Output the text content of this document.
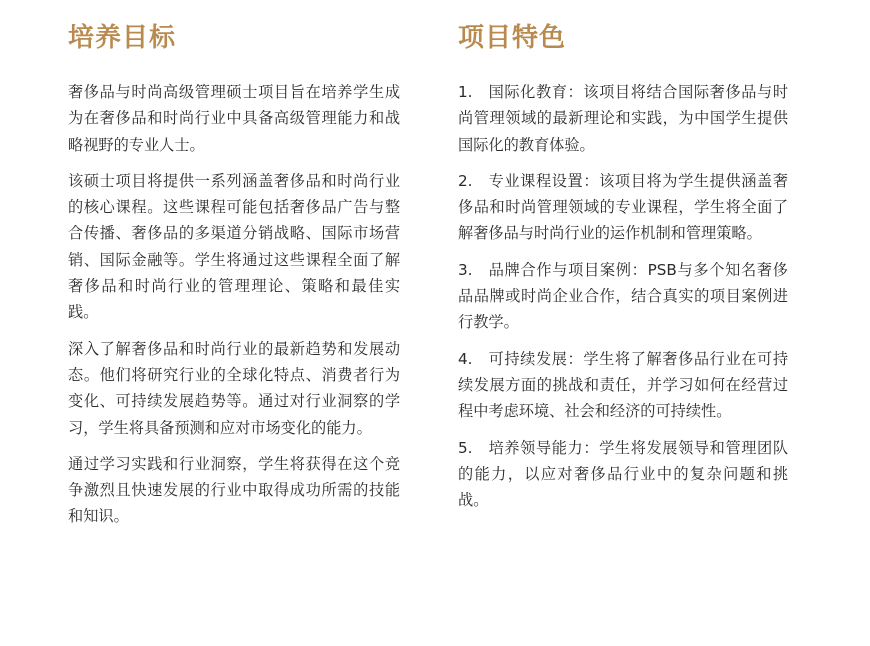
培养目标

奢侈品与时尚高级管理硕士项目旨在培养学生成为在奢侈品和时尚行业中具备高级管理能力和战略视野的专业人士。

该硕士项目将提供一系列涵盖奢侈品和时尚行业的核心课程。这些课程可能包括奢侈品广告与整合传播、奢侈品的多渠道分销战略、国际市场营销、国际金融等。学生将通过这些课程全面了解奢侈品和时尚行业的管理理论、策略和最佳实践。

深入了解奢侈品和时尚行业的最新趋势和发展动态。他们将研究行业的全球化特点、消费者行为变化、可持续发展趋势等。通过对行业洞察的学习，学生将具备预测和应对市场变化的能力。

通过学习实践和行业洞察，学生将获得在这个竞争激烈且快速发展的行业中取得成功所需的技能和知识。

项目特色

1. 国际化教育：该项目将结合国际奢侈品与时尚管理领域的最新理论和实践，为中国学生提供国际化的教育体验。

2. 专业课程设置：该项目将为学生提供涵盖奢侈品和时尚管理领域的专业课程，学生将全面了解奢侈品与时尚行业的运作机制和管理策略。

3. 品牌合作与项目案例：PSB与多个知名奢侈品品牌或时尚企业合作，结合真实的项目案例进行教学。

4. 可持续发展：学生将了解奢侈品行业在可持续发展方面的挑战和责任，并学习如何在经营过程中考虑环境、社会和经济的可持续性。

5. 培养领导能力：学生将发展领导和管理团队的能力，以应对奢侈品行业中的复杂问题和挑战。
